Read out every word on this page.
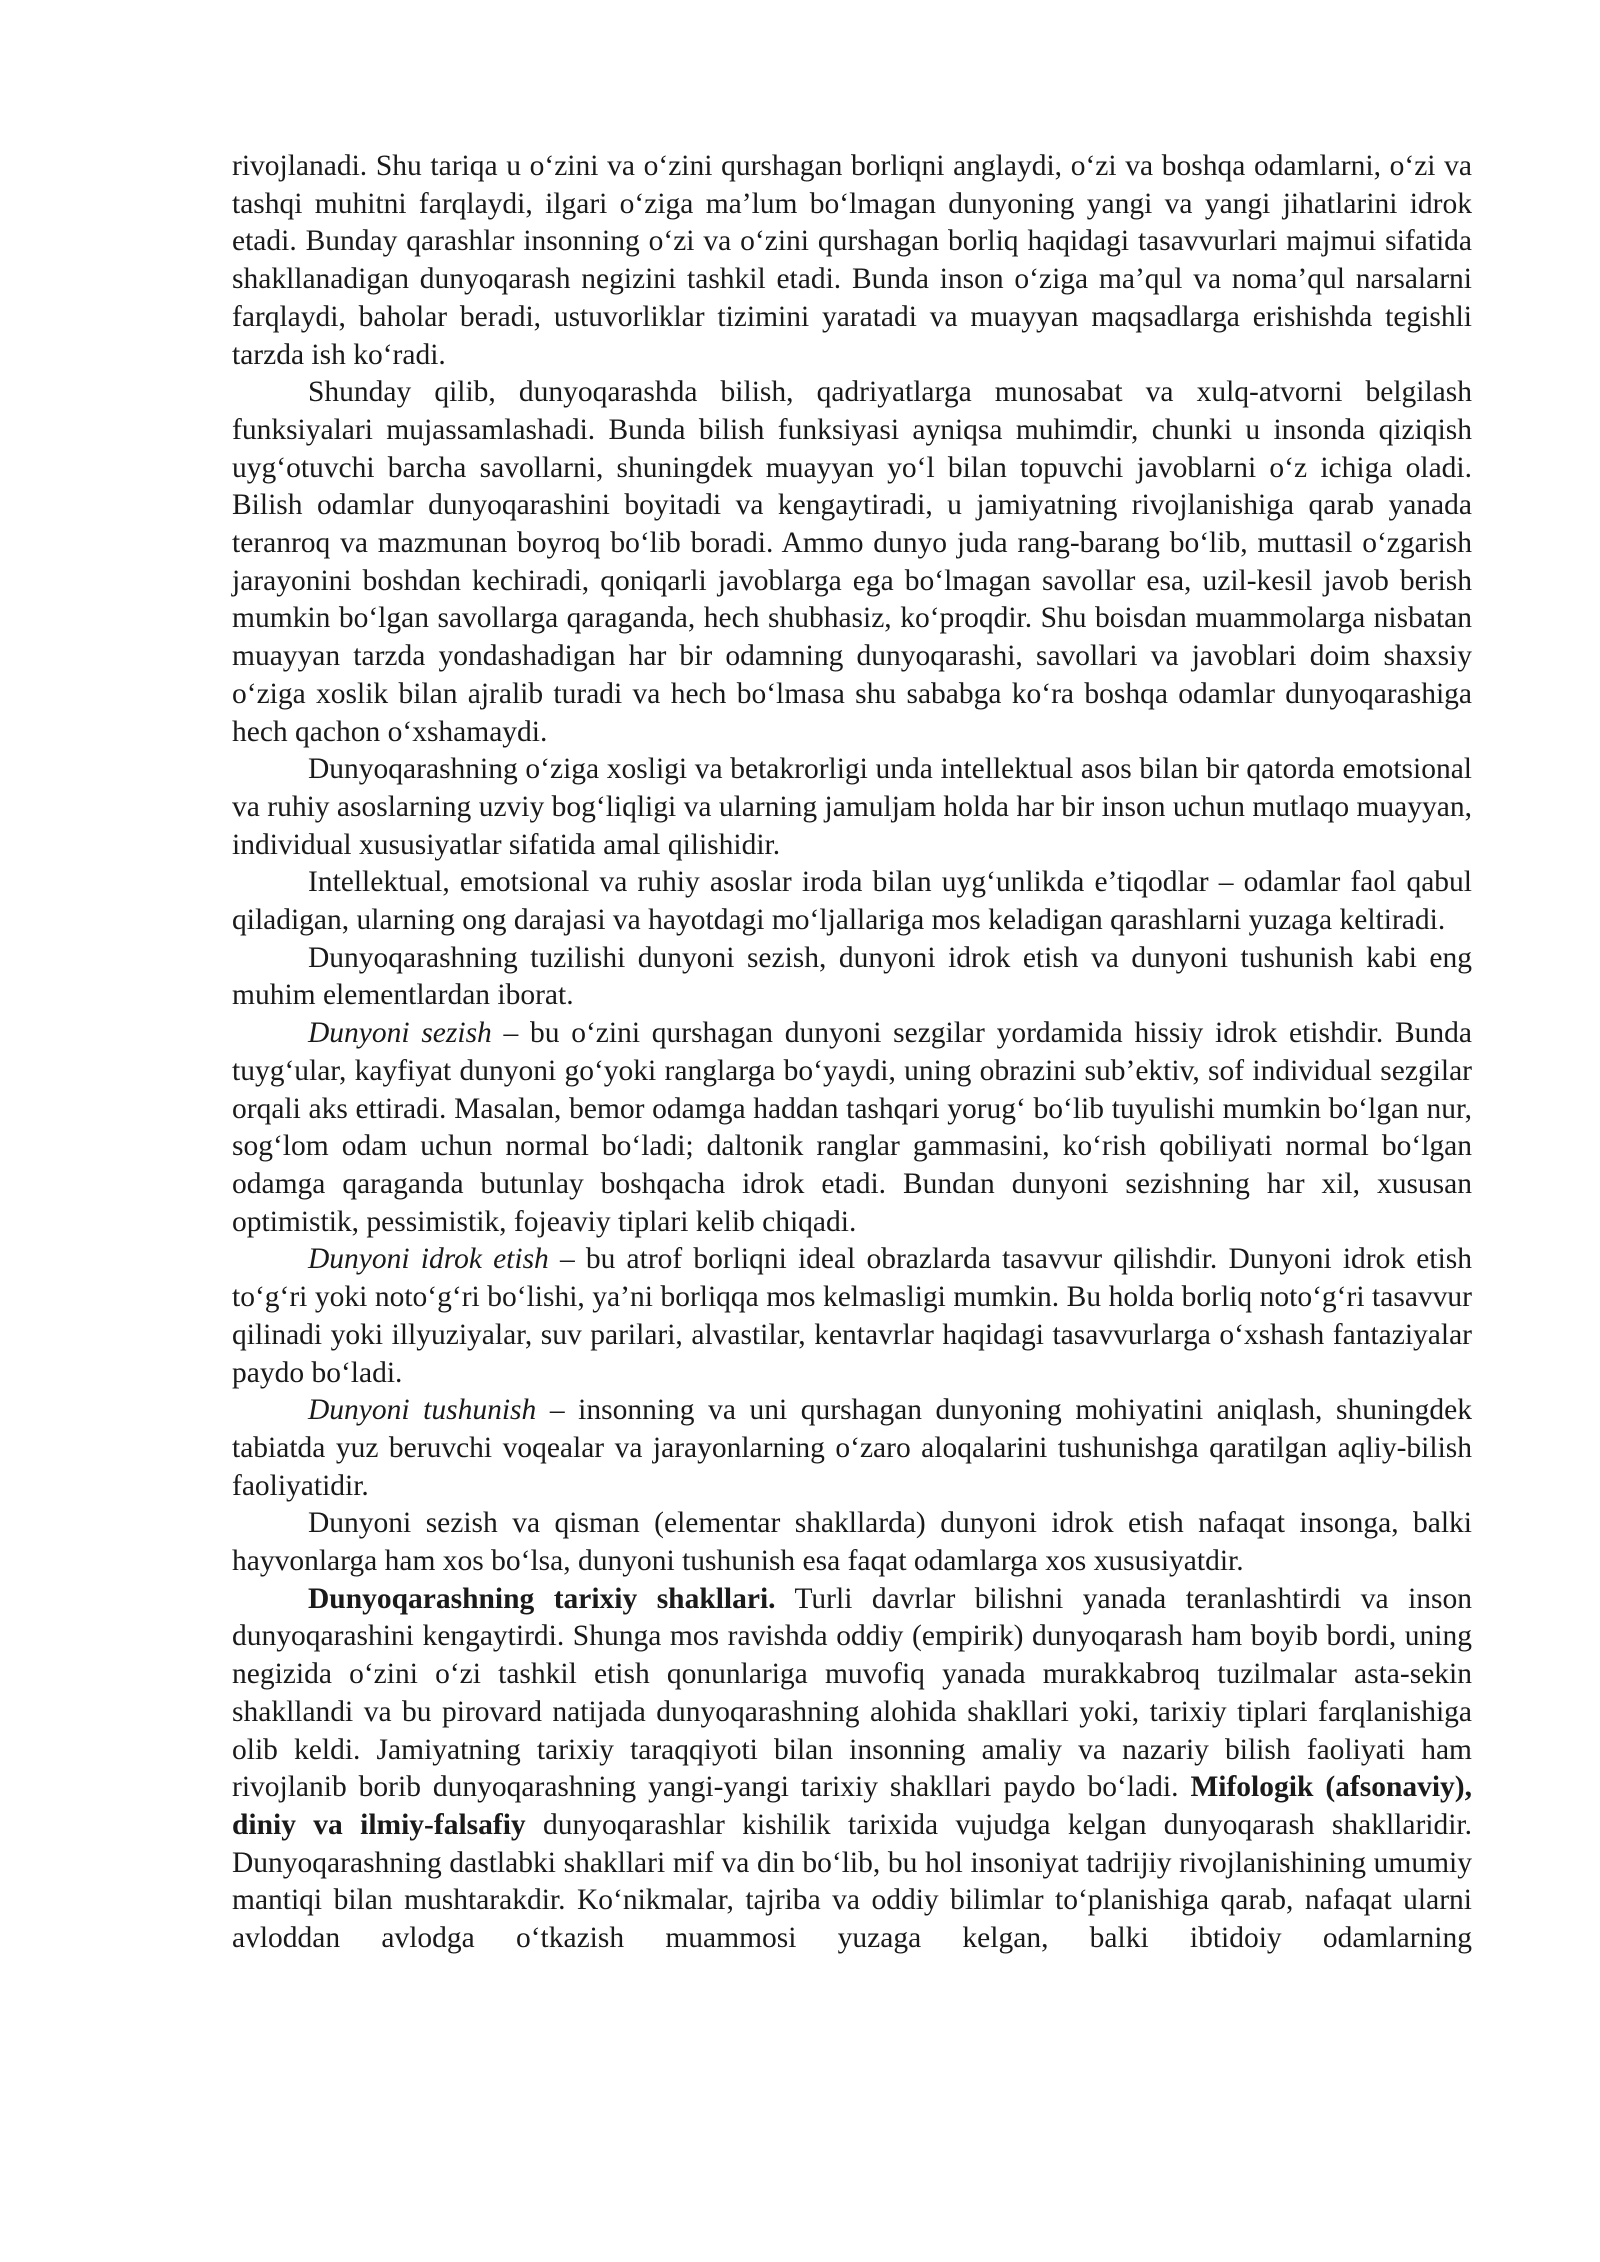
rivojlanadi. Shu tariqa u o‘zini va o‘zini qurshagan borliqni anglaydi, o‘zi va boshqa odamlarni, o‘zi va tashqi muhitni farqlaydi, ilgari o‘ziga ma’lum bo‘lmagan dunyoning yangi va yangi jihatlarini idrok etadi. Bunday qarashlar insonning o‘zi va o‘zini qurshagan borliq haqidagi tasavvurlari majmui sifatida shakllanadigan dunyoqarash negizini tashkil etadi. Bunda inson o‘ziga ma’qul va noma’qul narsalarni farqlaydi, baholar beradi, ustuvorliklar tizimini yaratadi va muayyan maqsadlarga erishishda tegishli tarzda ish ko‘radi.

Shunday qilib, dunyoqarashda bilish, qadriyatlarga munosabat va xulq-atvorni belgilash funksiyalari mujassamlashadi. Bunda bilish funksiyasi ayniqsa muhimdir, chunki u insonda qiziqish uyg‘otuvchi barcha savollarni, shuningdek muayyan yo‘l bilan topuvchi javoblarni o‘z ichiga oladi. Bilish odamlar dunyoqarashini boyitadi va kengaytiradi, u jamiyatning rivojlanishiga qarab yanada teranroq va mazmunan boyroq bo‘lib boradi. Ammo dunyo juda rang-barang bo‘lib, muttasil o‘zgarish jarayonini boshdan kechiradi, qoniqarli javoblarga ega bo‘lmagan savollar esa, uzil-kesil javob berish mumkin bo‘lgan savollarga qaraganda, hech shubhasiz, ko‘proqdir. Shu boisdan muammolarga nisbatan muayyan tarzda yondashadigan har bir odamning dunyoqarashi, savollari va javoblari doim shaxsiy o‘ziga xoslik bilan ajralib turadi va hech bo‘lmasa shu sababga ko‘ra boshqa odamlar dunyoqarashiga hech qachon o‘xshamaydi.

Dunyoqarashning o‘ziga xosligi va betakrorligi unda intellektual asos bilan bir qatorda emotsional va ruhiy asoslarning uzviy bog‘liqligi va ularning jamuljam holda har bir inson uchun mutlaqo muayyan, individual xususiyatlar sifatida amal qilishidir.

Intellektual, emotsional va ruhiy asoslar iroda bilan uyg‘unlikda e’tiqodlar – odamlar faol qabul qiladigan, ularning ong darajasi va hayotdagi mo‘ljallariga mos keladigan qarashlarni yuzaga keltiradi.

Dunyoqarashning tuzilishi dunyoni sezish, dunyoni idrok etish va dunyoni tushunish kabi eng muhim elementlardan iborat.

Dunyoni sezish – bu o‘zini qurshagan dunyoni sezgilar yordamida hissiy idrok etishdir. Bunda tuyg‘ular, kayfiyat dunyoni go‘yoki ranglarga bo‘yaydi, uning obrazini sub’ektiv, sof individual sezgilar orqali aks ettiradi. Masalan, bemor odamga haddan tashqari yorug‘ bo‘lib tuyulishi mumkin bo‘lgan nur, sog‘lom odam uchun normal bo‘ladi; daltonik ranglar gammasini, ko‘rish qobiliyati normal bo‘lgan odamga qaraganda butunlay boshqacha idrok etadi. Bundan dunyoni sezishning har xil, xususan optimistik, pessimistik, fojeaviy tiplari kelib chiqadi.

Dunyoni idrok etish – bu atrof borliqni ideal obrazlarda tasavvur qilishdir. Dunyoni idrok etish to‘g‘ri yoki noto‘g‘ri bo‘lishi, ya’ni borliqqa mos kelmasligi mumkin. Bu holda borliq noto‘g‘ri tasavvur qilinadi yoki illyuziyalar, suv parilari, alvastilar, kentavrlar haqidagi tasavvurlarga o‘xshash fantaziyalar paydo bo‘ladi.

Dunyoni tushunish – insonning va uni qurshagan dunyoning mohiyatini aniqlash, shuningdek tabiatda yuz beruvchi voqealar va jarayonlarning o‘zaro aloqalarini tushunishga qaratilgan aqliy-bilish faoliyatidir.

Dunyoni sezish va qisman (elementar shakllarda) dunyoni idrok etish nafaqat insonga, balki hayvonlarga ham xos bo‘lsa, dunyoni tushunish esa faqat odamlarga xos xususiyatdir.

Dunyoqarashning tarixiy shakllari. Turli davrlar bilishni yanada teranlashtirdi va inson dunyoqarashini kengaytirdi. Shunga mos ravishda oddiy (empirik) dunyoqarash ham boyib bordi, uning negizida o‘zini o‘zi tashkil etish qonunlariga muvofiq yanada murakkabroq tuzilmalar asta-sekin shakllandi va bu pirovard natijada dunyoqarashning alohida shakllari yoki, tarixiy tiplari farqlanishiga olib keldi. Jamiyatning tarixiy taraqqiyoti bilan insonning amaliy va nazariy bilish faoliyati ham rivojlanib borib dunyoqarashning yangi-yangi tarixiy shakllari paydo bo‘ladi. Mifologik (afsonaviy), diniy va ilmiy-falsafiy dunyoqarashlar kishilik tarixida vujudga kelgan dunyoqarash shakllaridir. Dunyoqarashning dastlabki shakllari mif va din bo‘lib, bu hol insoniyat tadrijiy rivojlanishining umumiy mantiqi bilan mushtarakdir. Ko‘nikmalar, tajriba va oddiy bilimlar to‘planishiga qarab, nafaqat ularni avloddan avlodga o‘tkazish muammosi yuzaga kelgan, balki ibtidoiy odamlarning
